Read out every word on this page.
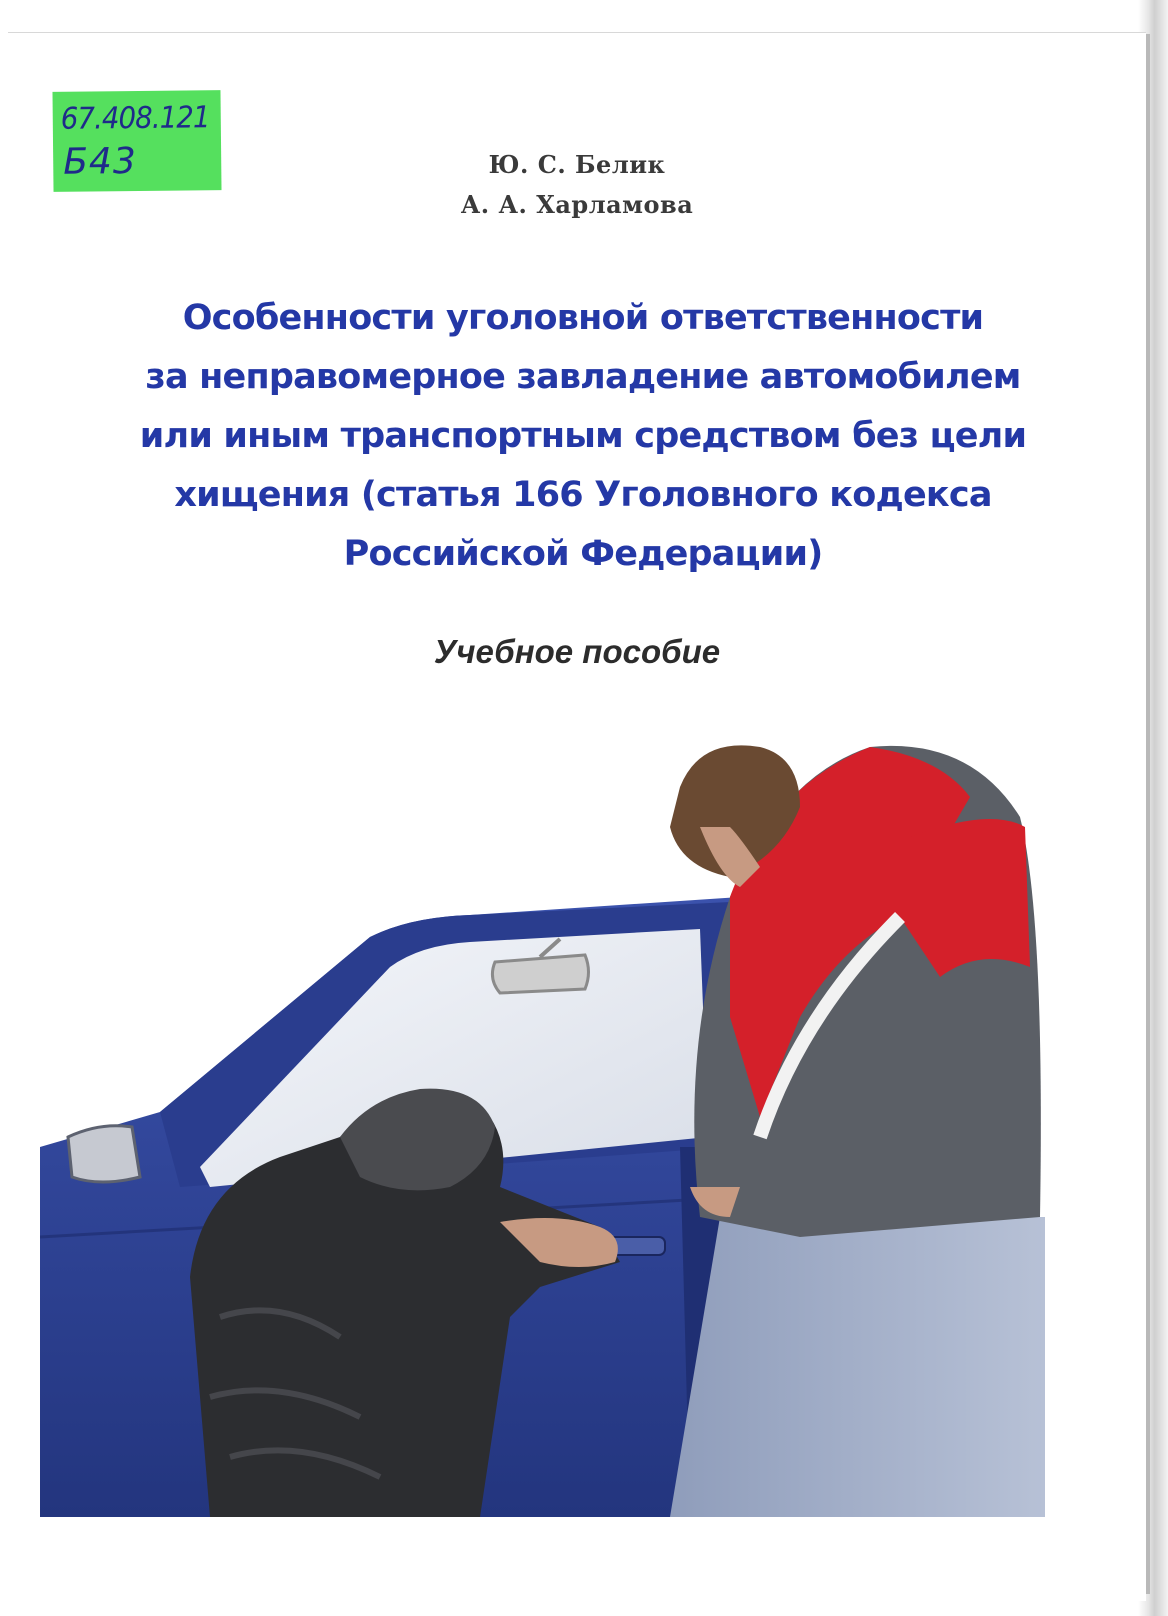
67.408.121
Б43	Ю. С. Белик
А. А. Харламова
Особенности уголовной ответственности
за неправомерное завладение автомобилем
или иным транспортным средством без цели
хищения (статья 166 Уголовного кодекса
Российской Федерации)
Учебное пособие
